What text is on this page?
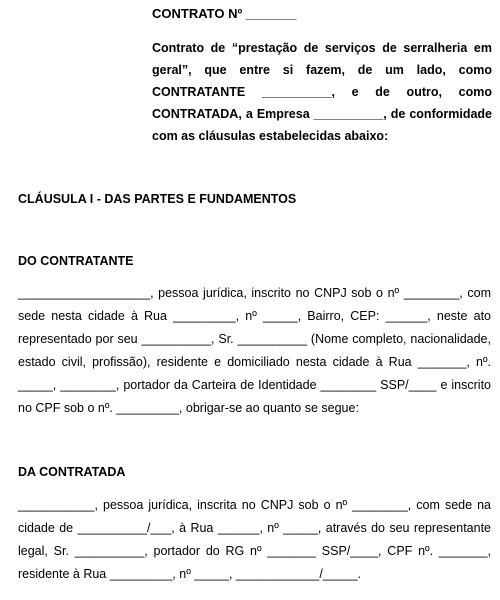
CONTRATO Nº _______
Contrato de “prestação de serviços de serralheria em geral”, que entre si fazem, de um lado, como CONTRATANTE __________, e de outro, como CONTRATADA, a Empresa __________, de conformidade com as cláusulas estabelecidas abaixo:
CLÁUSULA I - DAS PARTES E FUNDAMENTOS
DO CONTRATANTE
___________________, pessoa jurídica, inscrito no CNPJ sob o nº ________, com sede nesta cidade à Rua _________, nº _____, Bairro, CEP: ______, neste ato representado por seu __________, Sr. __________ (Nome completo, nacionalidade, estado civil, profissão), residente e domiciliado nesta cidade à Rua _______, nº. _____, ________, portador da Carteira de Identidade ________ SSP/____ e inscrito no CPF sob o nº. _________, obrigar-se ao quanto se segue:
DA CONTRATADA
___________, pessoa jurídica, inscrita no CNPJ sob o nº ________, com sede na cidade de __________/___, à Rua ______, nº _____, através do seu representante legal, Sr. __________, portador do RG nº _______ SSP/____, CPF nº. _______, residente à Rua _________, nº _____, ____________/_____.
